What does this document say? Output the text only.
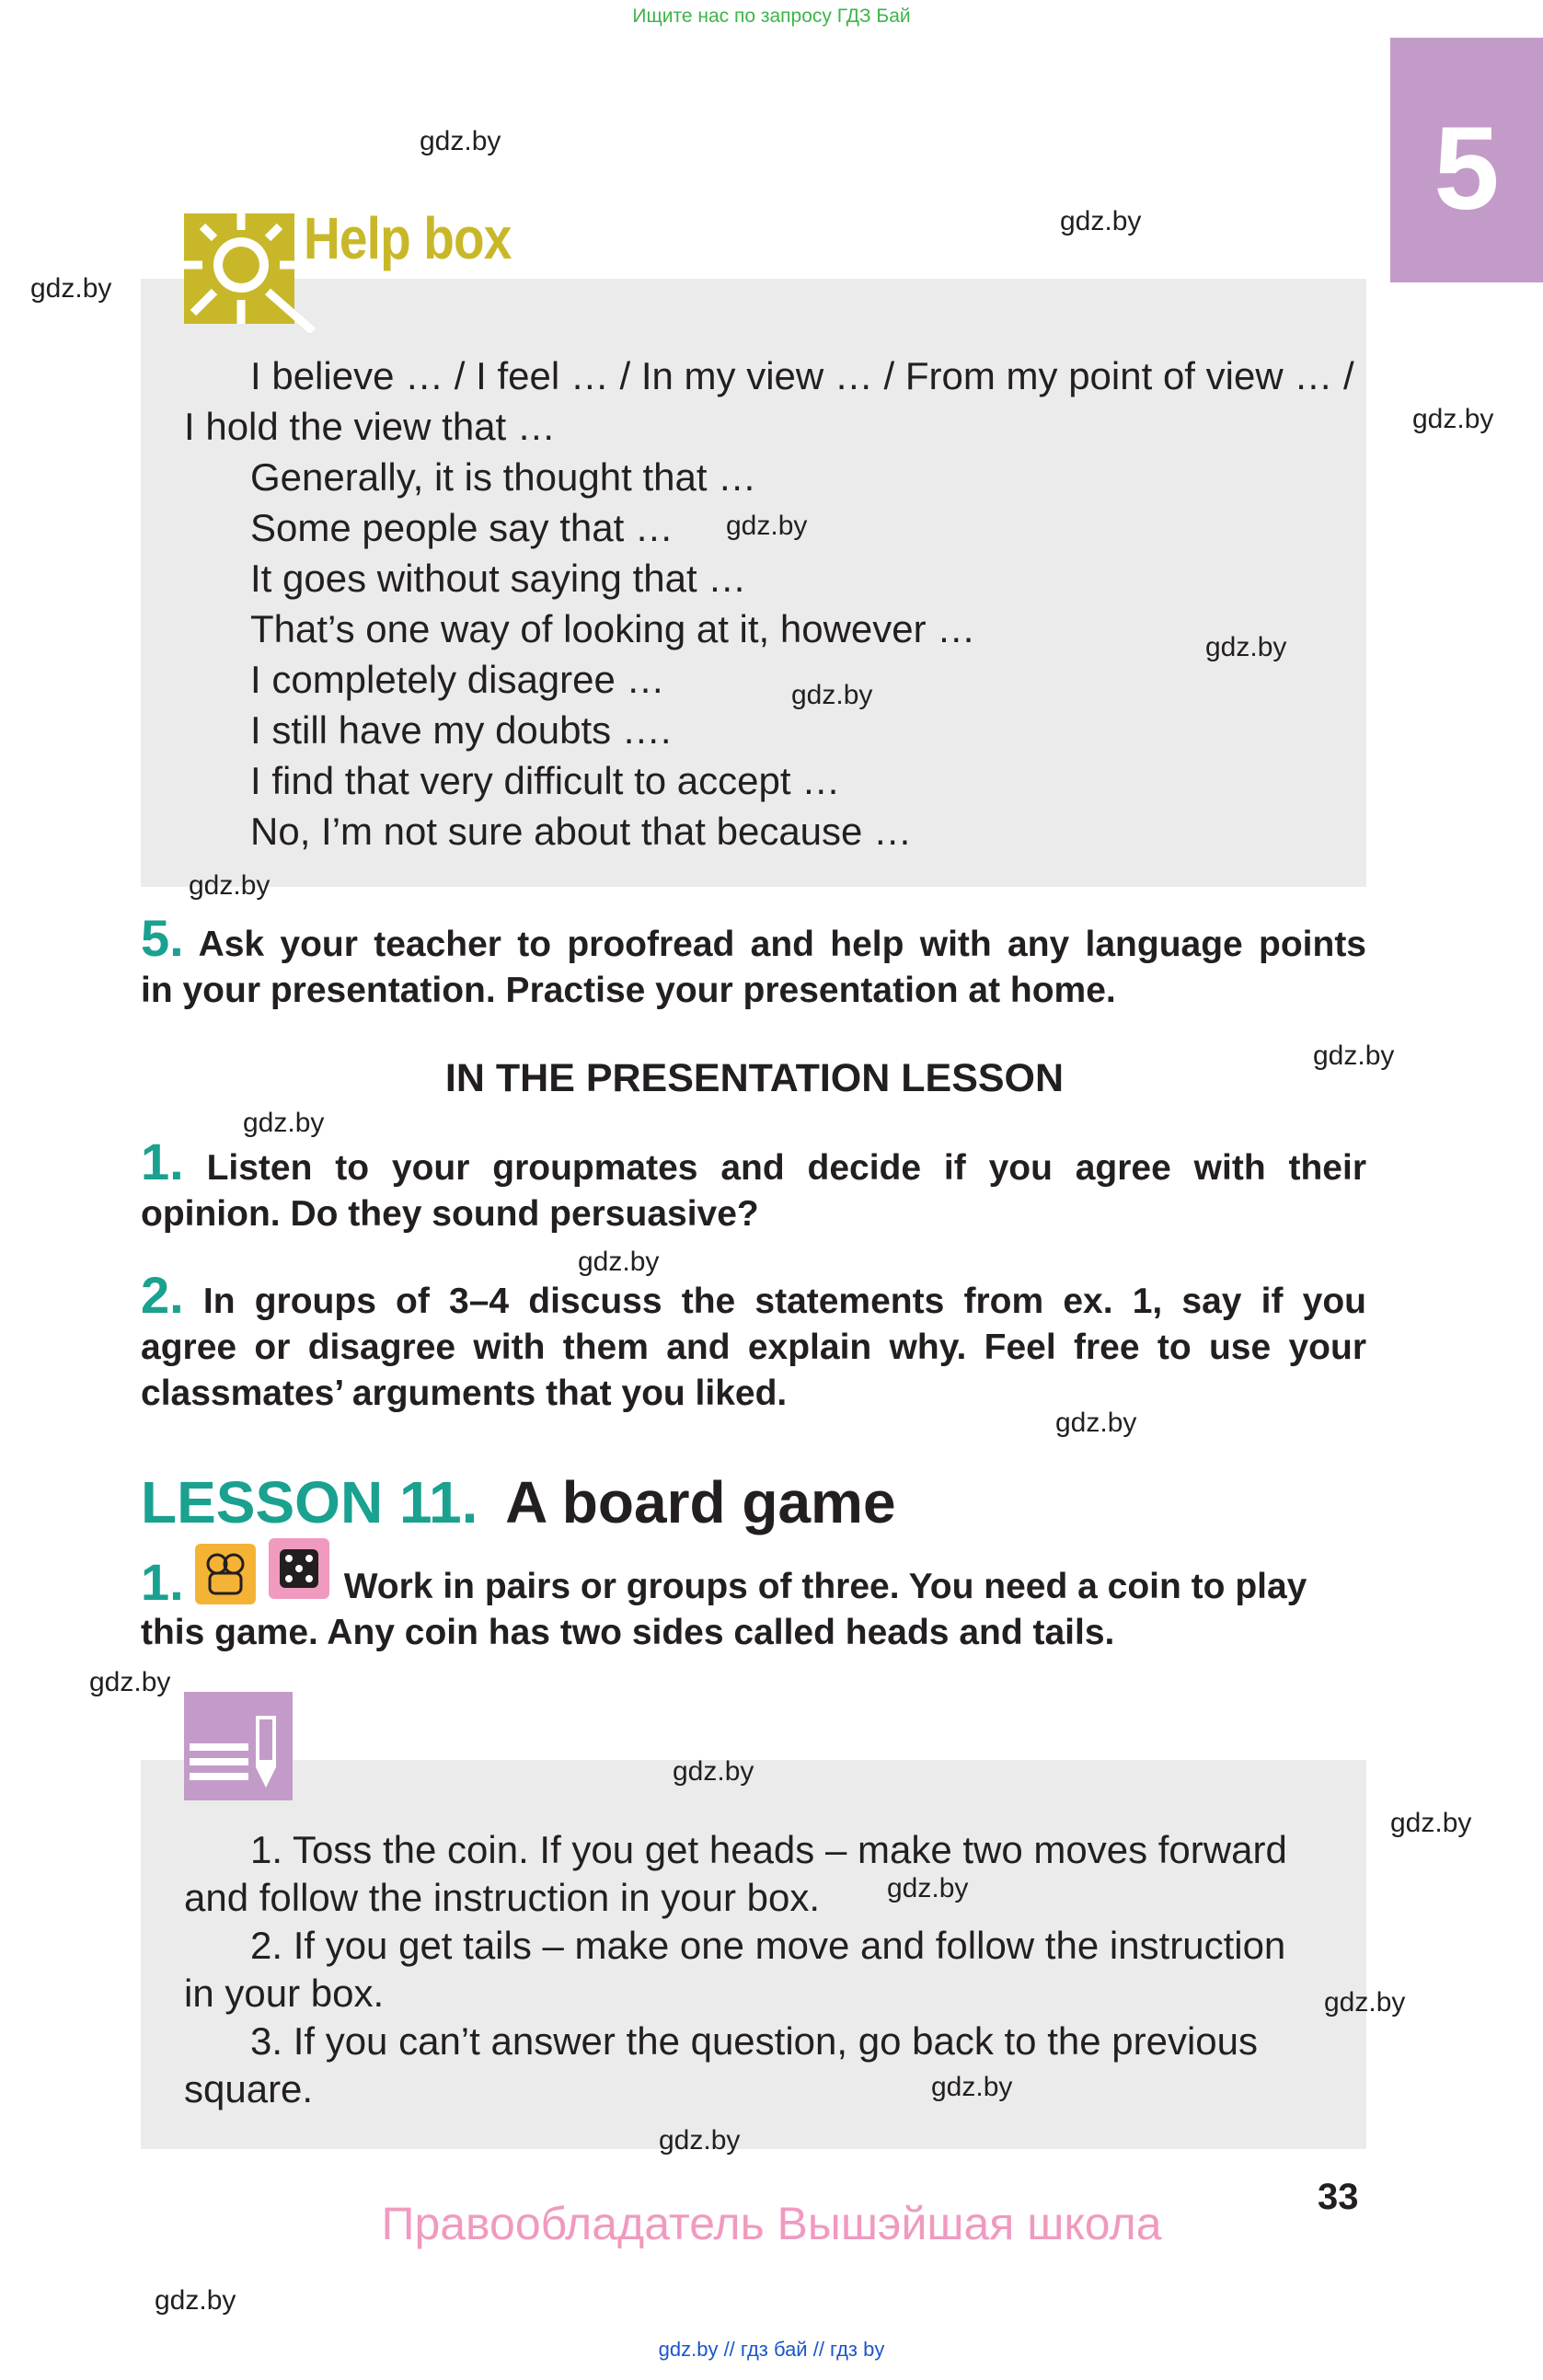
Ищите нас по запросу ГДЗ Бай
5
Help box
I believe … / I feel … / In my view … / From my point of view … /
I hold the view that …
Generally, it is thought that …
Some people say that …
It goes without saying that …
That’s one way of looking at it, however …
I completely disagree …
I still have my doubts ….
I find that very difficult to accept …
No, I’m not sure about that because …
5. Ask your teacher to proofread and help with any language points
in your presentation. Practise your presentation at home.
IN THE PRESENTATION LESSON
1. Listen to your groupmates and decide if you agree with their
opinion. Do they sound persuasive?
2. In groups of 3–4 discuss the statements from ex. 1, say if you
agree or disagree with them and explain why. Feel free to use your
classmates’ arguments that you liked.
LESSON 11. A board game
1.	Work in pairs or groups of three. You need a coin to play
this game. Any coin has two sides called heads and tails.
1. Toss the coin. If you get heads – make two moves forward
and follow the instruction in your box.
2. If you get tails – make one move and follow the instruction
in your box.
3. If you can’t answer the question, go back to the previous
square.
33
Правообладатель Вышэйшая школа
gdz.by // гдз бай // гдз by
gdz.by
gdz.by
gdz.by
gdz.by
gdz.by
gdz.by
gdz.by
gdz.by
gdz.by
gdz.by
gdz.by
gdz.by
gdz.by
gdz.by
gdz.by
gdz.by
gdz.by
gdz.by
gdz.by
gdz.by
